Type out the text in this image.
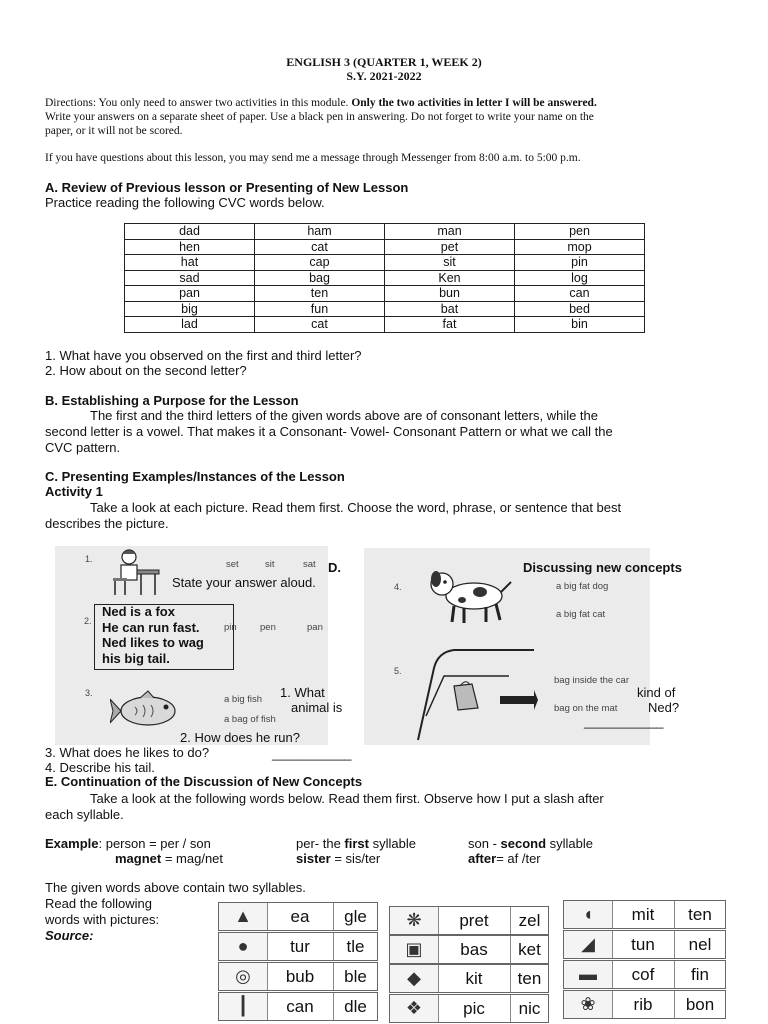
ENGLISH 3 (QUARTER 1, WEEK 2)
S.Y. 2021-2022
Directions: You only need to answer two activities in this module. Only the two activities in letter I will be answered.
Write your answers on a separate sheet of paper. Use a black pen in answering. Do not forget to write your name on the
paper, or it will not be scored.
If you have questions about this lesson, you may send me a message through Messenger from 8:00 a.m. to 5:00 p.m.
A. Review of Previous lesson or Presenting of New Lesson
Practice reading the following CVC words below.
dad	ham	man	pen
hen	cat	pet	mop
hat	cap	sit	pin
sad	bag	Ken	log
pan	ten	bun	can
big	fun	bat	bed
lad	cat	fat	bin
1. What have you observed on the first and third letter?
2. How about on the second letter?
B. Establishing a Purpose for the Lesson
The first and the third letters of the given words above are of consonant letters, while the
second letter is a vowel. That makes it a Consonant- Vowel- Consonant Pattern or what we call the
CVC pattern.
C. Presenting Examples/Instances of the Lesson
Activity 1
Take a look at each picture. Read them first. Choose the word, phrase, or sentence that best
describes the picture.
1.	set	sit	sat
2.
pin pen	pan
3.
a big fish
a bag of fish
4.	a big fat dog
a big fat cat
5.
bag inside the car
bag on the mat
D.	Discussing new concepts
State your answer aloud.
Ned is a fox
He can run fast.
Ned likes to wag
his big tail.
1. What
animal is
kind of
Ned?
___________
2. How does he run?
3. What does he likes to do?	___________
4. Describe his tail.
E. Continuation of the Discussion of New Concepts
Take a look at the following words below. Read them first. Observe how I put a slash after
each syllable.
Example: person = per / son	per- the first syllable	son - second syllable
magnet = mag/net	sister = sis/ter	after= af /ter
The given words above contain two syllables.
Read the following
words with pictures:
Source:
▲	ea	gle
●	tur	tle
◎	bub	ble
┃	can	dle
❋	pret	zel
▣	bas	ket
◆	kit	ten
❖	pic	nic
◖	mit	ten
◢	tun	nel
▬	cof	fin
❀	rib	bon
